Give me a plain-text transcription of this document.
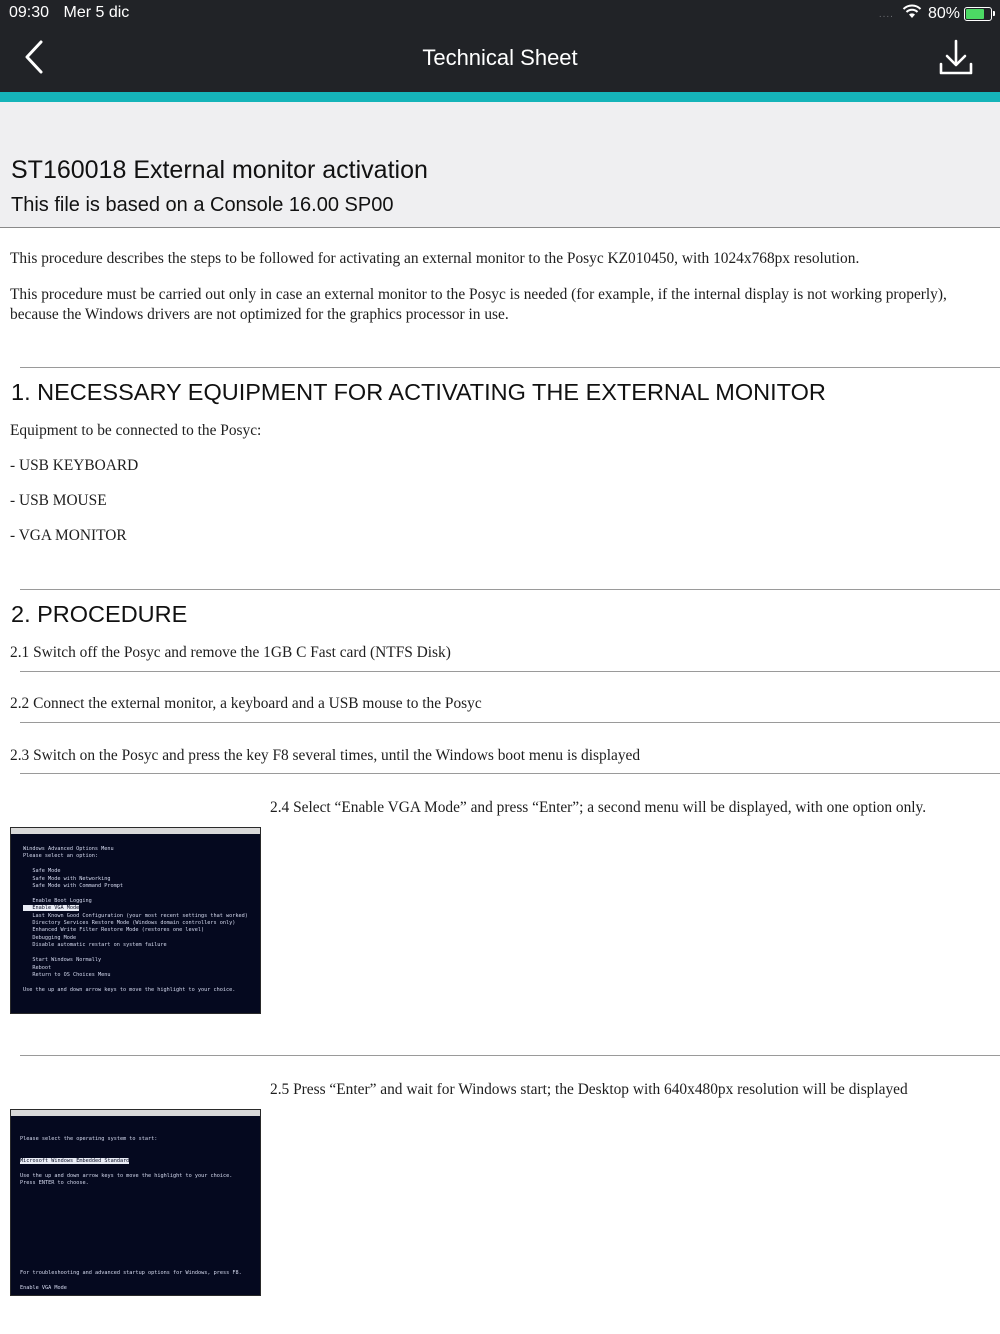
09:30 Mer 5 dic	.... 80%
Technical Sheet
ST160018 External monitor activation
This file is based on a Console 16.00 SP00
This procedure describes the steps to be followed for activating an external monitor to the Posyc KZ010450, with 1024x768px resolution.
This procedure must be carried out only in case an external monitor to the Posyc is needed (for example, if the internal display is not working properly), because the Windows drivers are not optimized for the graphics processor in use.
1. NECESSARY EQUIPMENT FOR ACTIVATING THE EXTERNAL MONITOR
Equipment to be connected to the Posyc:
- USB KEYBOARD
- USB MOUSE
- VGA MONITOR
2. PROCEDURE
2.1 Switch off the Posyc and remove the 1GB C Fast card (NTFS Disk)
2.2 Connect the external monitor, a keyboard and a USB mouse to the Posyc
2.3 Switch on the Posyc and press the key F8 several times, until the Windows boot menu is displayed
2.4 Select “Enable VGA Mode” and press “Enter”; a second menu will be displayed, with one option only.
Windows Advanced Options Menu
Please select an option:

Safe Mode
Safe Mode with Networking
Safe Mode with Command Prompt

Enable Boot Logging
Enable VGA Mode
Last Known Good Configuration (your most recent settings that worked)
Directory Services Restore Mode (Windows domain controllers only)
Enhanced Write Filter Restore Mode (restores one level)
Debugging Mode
Disable automatic restart on system failure

Start Windows Normally
Reboot
Return to OS Choices Menu

Use the up and down arrow keys to move the highlight to your choice.

2.5 Press “Enter” and wait for Windows start; the Desktop with 640x480px resolution will be displayed
Please select the operating system to start:
Microsoft Windows Embedded Standard
Use the up and down arrow keys to move the highlight to your choice.
Press ENTER to choose.
For troubleshooting and advanced startup options for Windows, press F8.
Enable VGA Mode
